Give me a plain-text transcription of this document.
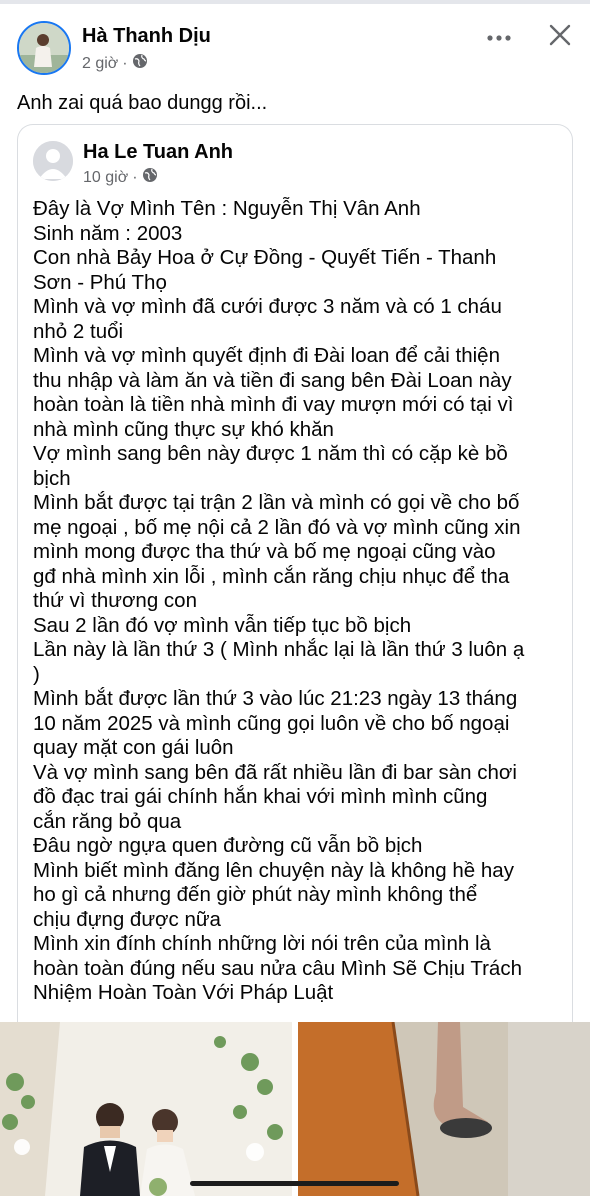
Hà Thanh Dịu
2 giờ ·
Anh zai quá bao dungg rồi...
Ha Le Tuan Anh
10 giờ ·
Đây là Vợ Mình Tên : Nguyễn Thị Vân Anh
Sinh năm : 2003
Con nhà Bảy Hoa ở Cự Đồng - Quyết Tiến - Thanh
Sơn - Phú Thọ
Mình và vợ mình đã cưới được 3 năm và có 1 cháu
nhỏ 2 tuổi
Mình và vợ mình quyết định đi Đài loan để cải thiện
thu nhập và làm ăn và tiền đi sang bên Đài Loan này
hoàn toàn là tiền nhà mình đi vay mượn mới có tại vì
nhà mình cũng thực sự khó khăn
Vợ mình sang bên này được 1 năm thì có cặp kè bồ
bịch
Mình bắt được tại trận 2 lần và mình có gọi về cho bố
mẹ ngoại , bố mẹ nội cả 2 lần đó và vợ mình cũng xin
mình mong được tha thứ và bố mẹ ngoại cũng vào
gđ nhà mình xin lỗi , mình cắn răng chịu nhục để tha
thứ vì thương con
Sau 2 lần đó vợ mình vẫn tiếp tục bồ bịch
Lần này là lần thứ 3 ( Mình nhắc lại là lần thứ 3 luôn ạ
)
Mình bắt được lần thứ 3 vào lúc 21:23 ngày 13 tháng
10 năm 2025 và mình cũng gọi luôn về cho bố ngoại
quay mặt con gái luôn
Và vợ mình sang bên đã rất nhiều lần đi bar sàn chơi
đồ đạc trai gái chính hắn khai với mình mình cũng
cắn răng bỏ qua
Đâu ngờ ngựa quen đường cũ vẫn bồ bịch
Mình biết mình đăng lên chuyện này là không hề hay
ho gì cả nhưng đến giờ phút này mình không thể
chịu đựng được nữa
Mình xin đính chính những lời nói trên của mình là
hoàn toàn đúng nếu sau nửa câu Mình Sẽ Chịu Trách
Nhiệm Hoàn Toàn Với Pháp Luật
